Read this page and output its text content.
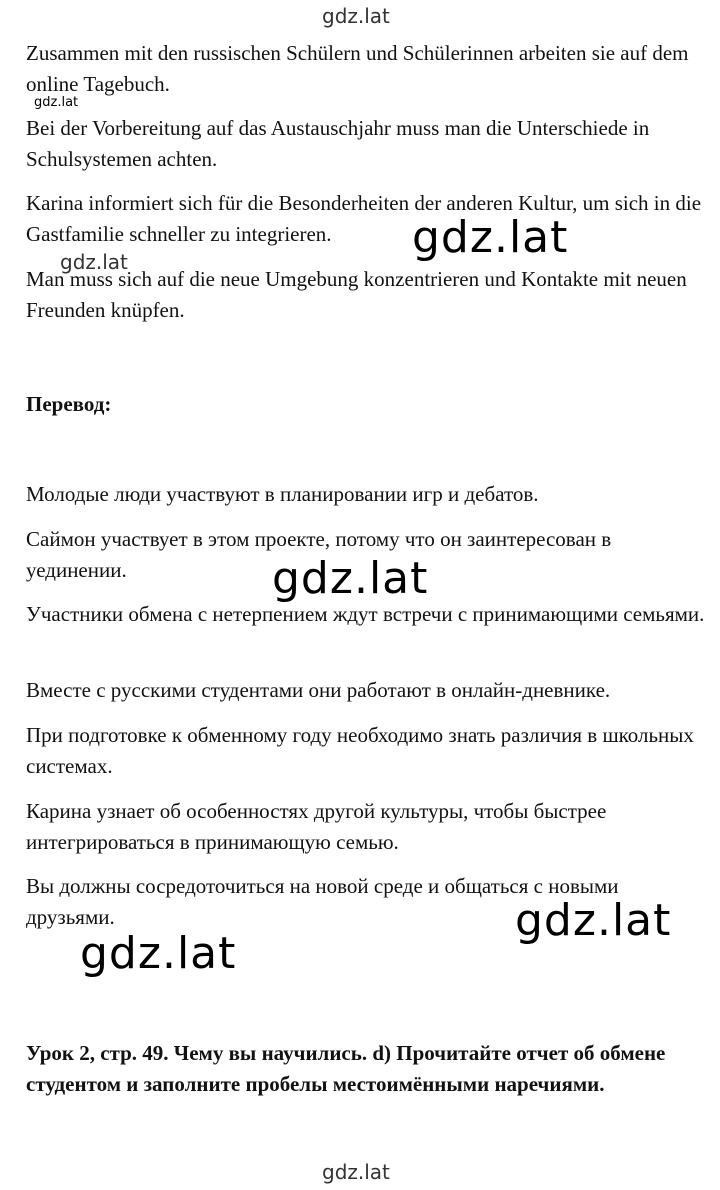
gdz.lat
gdz.lat
gdz.lat	gdz.lat
gdz.lat
gdz.lat
gdz.lat
gdz.lat

Zusammen mit den russischen Schülern und Schülerinnen arbeiten sie auf dem online Tagebuch.

Bei der Vorbereitung auf das Austauschjahr muss man die Unterschiede in Schulsystemen achten.

Karina informiert sich für die Besonderheiten der anderen Kultur, um sich in die Gastfamilie schneller zu integrieren.

Man muss sich auf die neue Umgebung konzentrieren und Kontakte mit neuen Freunden knüpfen.

Перевод:

Молодые люди участвуют в планировании игр и дебатов.

Саймон участвует в этом проекте, потому что он заинтересован в уединении.

Участники обмена с нетерпением ждут встречи с принимающими семьями.

Вместе с русскими студентами они работают в онлайн-дневнике.

При подготовке к обменному году необходимо знать различия в школьных системах.

Карина узнает об особенностях другой культуры, чтобы быстрее интегрироваться в принимающую семью.

Вы должны сосредоточиться на новой среде и общаться с новыми друзьями.

Урок 2, стр. 49. Чему вы научились. d) Прочитайте отчет об обмене студентом и заполните пробелы местоимёнными наречиями.
